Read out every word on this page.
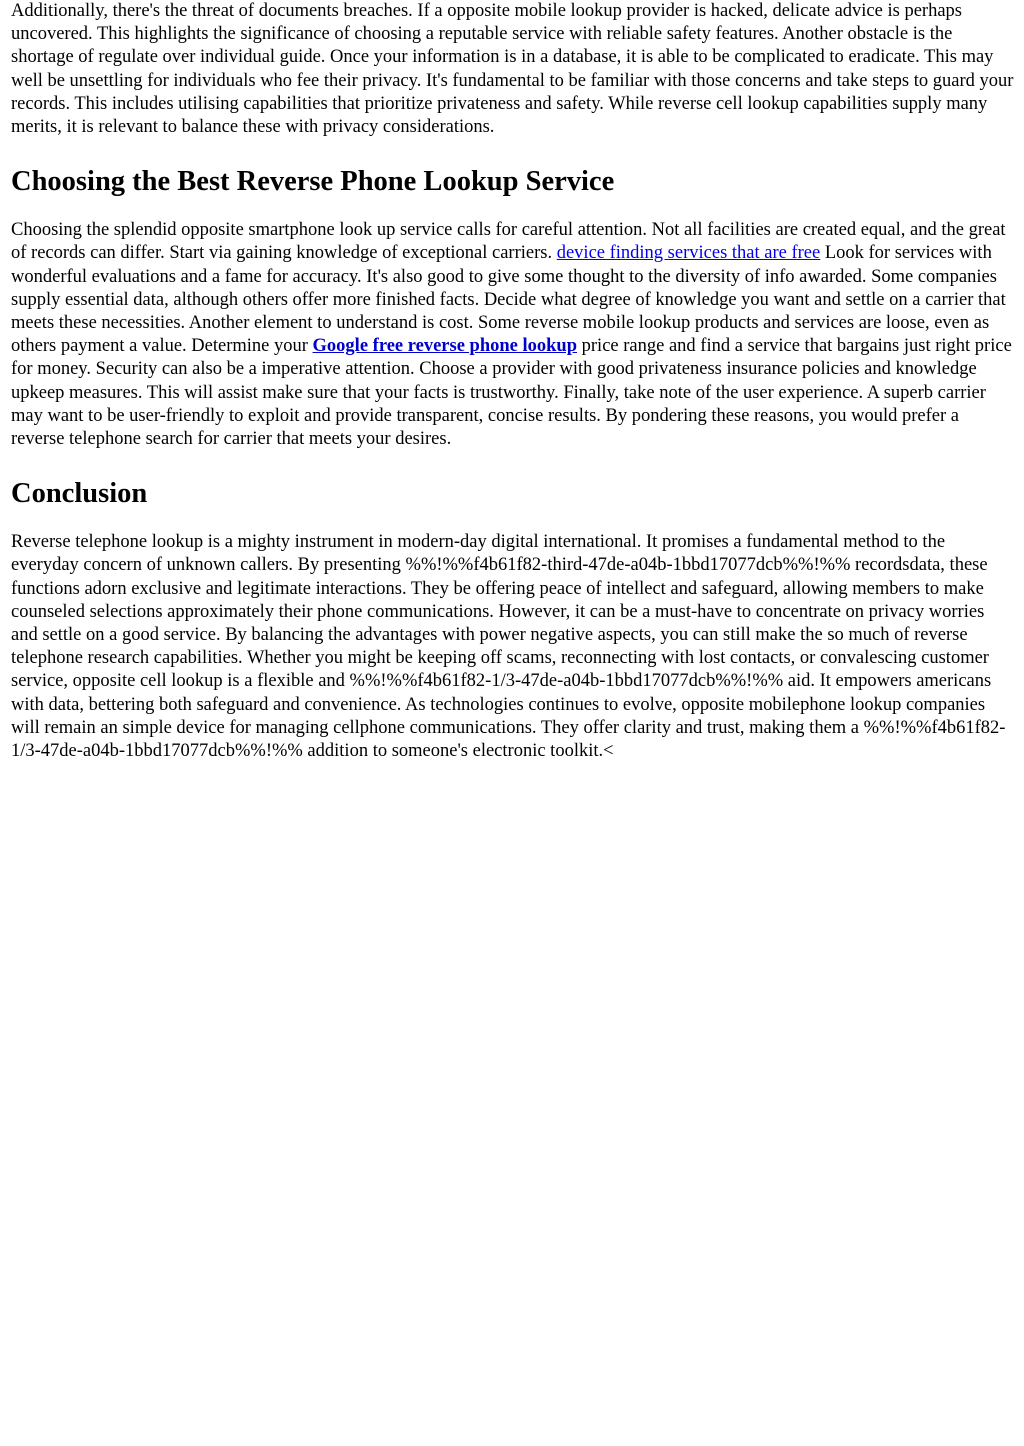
Additionally, there's the threat of documents breaches. If a opposite mobile lookup provider is hacked, delicate advice is perhaps uncovered. This highlights the significance of choosing a reputable service with reliable safety features. Another obstacle is the shortage of regulate over individual guide. Once your information is in a database, it is able to be complicated to eradicate. This may well be unsettling for individuals who fee their privacy. It's fundamental to be familiar with those concerns and take steps to guard your records. This includes utilising capabilities that prioritize privateness and safety. While reverse cell lookup capabilities supply many merits, it is relevant to balance these with privacy considerations.

Choosing the Best Reverse Phone Lookup Service

Choosing the splendid opposite smartphone look up service calls for careful attention. Not all facilities are created equal, and the great of records can differ. Start via gaining knowledge of exceptional carriers. device finding services that are free Look for services with wonderful evaluations and a fame for accuracy. It's also good to give some thought to the diversity of info awarded. Some companies supply essential data, although others offer more finished facts. Decide what degree of knowledge you want and settle on a carrier that meets these necessities. Another element to understand is cost. Some reverse mobile lookup products and services are loose, even as others payment a value. Determine your Google free reverse phone lookup price range and find a service that bargains just right price for money. Security can also be a imperative attention. Choose a provider with good privateness insurance policies and knowledge upkeep measures. This will assist make sure that your facts is trustworthy. Finally, take note of the user experience. A superb carrier may want to be user-friendly to exploit and provide transparent, concise results. By pondering these reasons, you would prefer a reverse telephone search for carrier that meets your desires.

Conclusion

Reverse telephone lookup is a mighty instrument in modern-day digital international. It promises a fundamental method to the everyday concern of unknown callers. By presenting %%!%%f4b61f82-third-47de-a04b-1bbd17077dcb%%!%% recordsdata, these functions adorn exclusive and legitimate interactions. They be offering peace of intellect and safeguard, allowing members to make counseled selections approximately their phone communications. However, it can be a must-have to concentrate on privacy worries and settle on a good service. By balancing the advantages with power negative aspects, you can still make the so much of reverse telephone research capabilities. Whether you might be keeping off scams, reconnecting with lost contacts, or convalescing customer service, opposite cell lookup is a flexible and %%!%%f4b61f82-1/3-47de-a04b-1bbd17077dcb%%!%% aid. It empowers americans with data, bettering both safeguard and convenience. As technologies continues to evolve, opposite mobilephone lookup companies will remain an simple device for managing cellphone communications. They offer clarity and trust, making them a %%!%%f4b61f82-1/3-47de-a04b-1bbd17077dcb%%!%% addition to someone's electronic toolkit.<
